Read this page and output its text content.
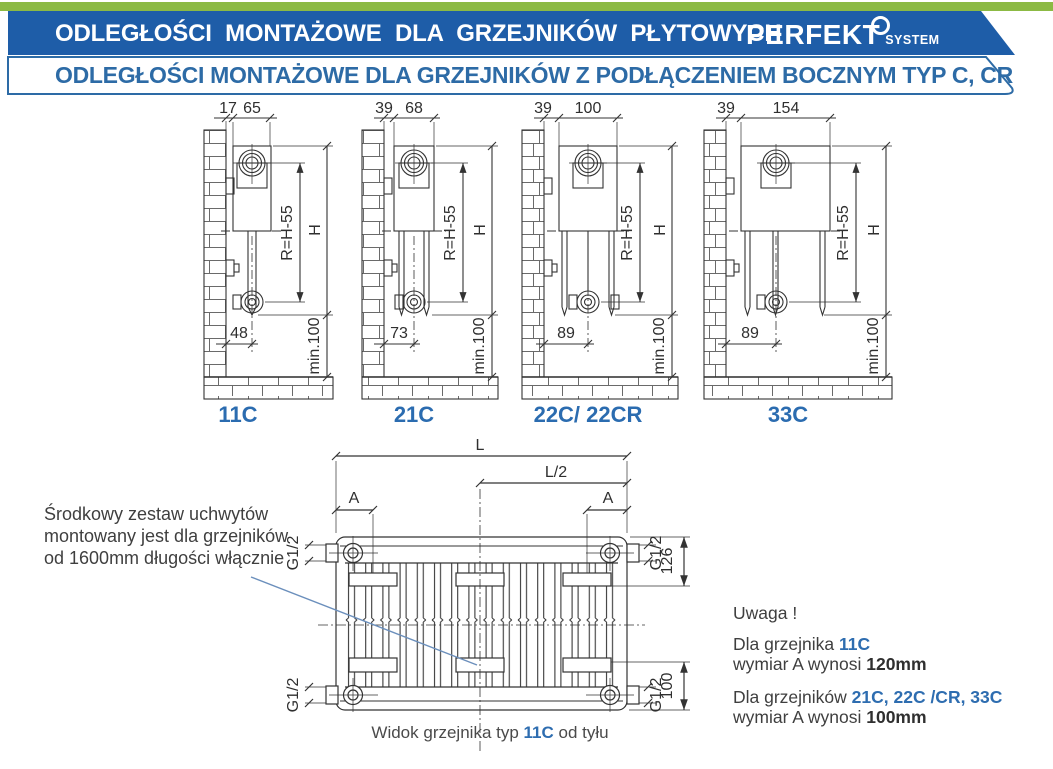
17 65
48
R=H-55 H
min.100
39 68
73
R=H-55 H
min.100
39 100
89
R=H-55 H
min.100
39 154
89
R=H-55 H
min.100
L
L/2
A	A
G1/2	G1/2
G1/2	G1/2
126
100
ODLEGŁOŚCI MONTAŻOWE DLA GRZEJNIKÓW PŁYTOWYCH
PERFEKT SYSTEM
ODLEGŁOŚCI MONTAŻOWE DLA GRZEJNIKÓW Z PODŁĄCZENIEM BOCZNYM TYP C, CR
11C	21C	22C/ 22CR	33C
Środkowy zestaw uchwytów
montowany jest dla grzejników
od 1600mm długości włącznie
Uwaga !
Dla grzejnika 11C
wymiar A wynosi 120mm
Dla grzejników 21C, 22C /CR, 33C
wymiar A wynosi 100mm
Widok grzejnika typ 11C od tyłu
